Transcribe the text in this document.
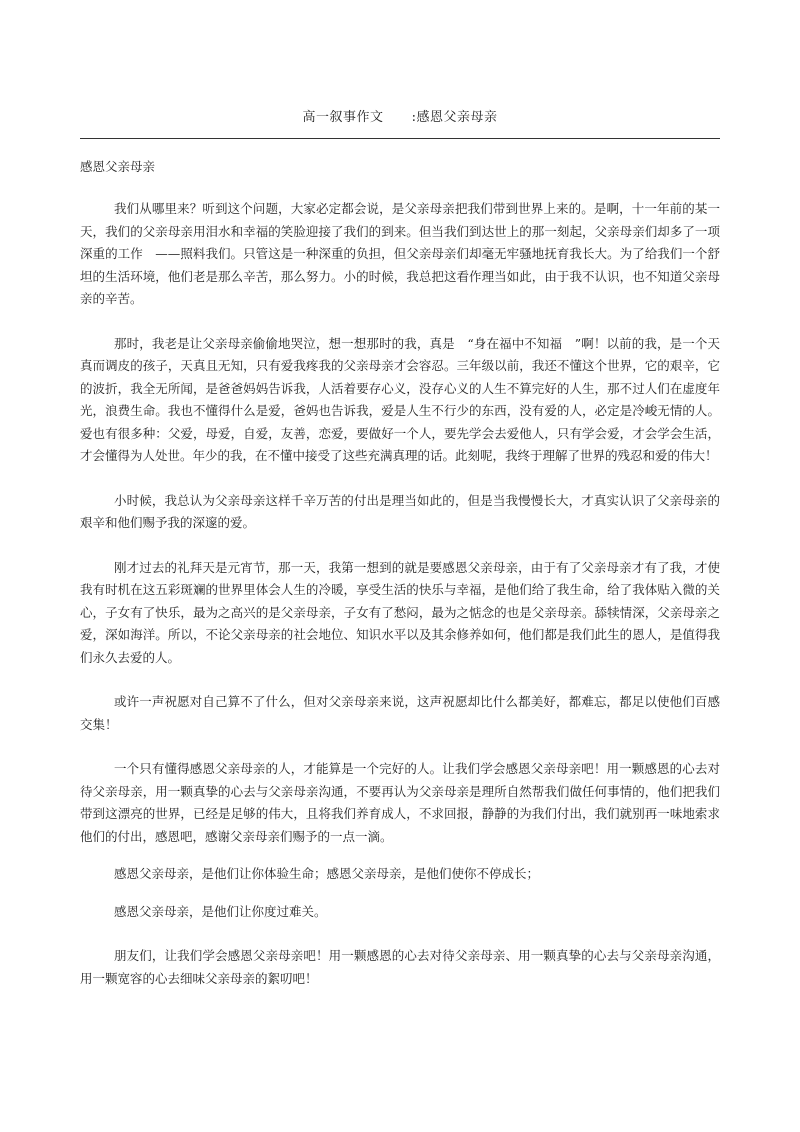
高一叙事作文 :感恩父亲母亲
感恩父亲母亲

我们从哪里来？听到这个问题，大家必定都会说，是父亲母亲把我们带到世界上来的。是啊，十一年前的某一天，我们的父亲母亲用泪水和幸福的笑脸迎接了我们的到来。但当我们到达世上的那一刻起，父亲母亲们却多了一项深重的工作　——照料我们。只管这是一种深重的负担，但父亲母亲们却毫无牢骚地抚育我长大。为了给我们一个舒坦的生活环境，他们老是那么辛苦，那么努力。小的时候，我总把这看作理当如此，由于我不认识，也不知道父亲母亲的辛苦。

那时，我老是让父亲母亲偷偷地哭泣，想一想那时的我，真是　“身在福中不知福　”啊！以前的我，是一个天真而调皮的孩子，天真且无知，只有爱我疼我的父亲母亲才会容忍。三年级以前，我还不懂这个世界，它的艰辛，它的波折，我全无所闻，是爸爸妈妈告诉我，人活着要存心义，没存心义的人生不算完好的人生，那不过人们在虚度年光，浪费生命。我也不懂得什么是爱，爸妈也告诉我，爱是人生不行少的东西，没有爱的人，必定是冷峻无情的人。爱也有很多种：父爱，母爱，自爱，友善，恋爱，要做好一个人，要先学会去爱他人，只有学会爱，才会学会生活，才会懂得为人处世。年少的我，在不懂中接受了这些充满真理的话。此刻呢，我终于理解了世界的残忍和爱的伟大！

小时候，我总认为父亲母亲这样千辛万苦的付出是理当如此的，但是当我慢慢长大，才真实认识了父亲母亲的艰辛和他们赐予我的深邃的爱。

刚才过去的礼拜天是元宵节，那一天，我第一想到的就是要感恩父亲母亲，由于有了父亲母亲才有了我，才使我有时机在这五彩斑斓的世界里体会人生的冷暖，享受生活的快乐与幸福，是他们给了我生命，给了我体贴入微的关心，子女有了快乐，最为之高兴的是父亲母亲，子女有了愁闷，最为之惦念的也是父亲母亲。舔犊情深，父亲母亲之爱，深如海洋。所以，不论父亲母亲的社会地位、知识水平以及其余修养如何，他们都是我们此生的恩人，是值得我们永久去爱的人。

或许一声祝愿对自己算不了什么，但对父亲母亲来说，这声祝愿却比什么都美好，都难忘，都足以使他们百感交集！

一个只有懂得感恩父亲母亲的人，才能算是一个完好的人。让我们学会感恩父亲母亲吧！用一颗感恩的心去对待父亲母亲，用一颗真挚的心去与父亲母亲沟通，不要再认为父亲母亲是理所自然帮我们做任何事情的，他们把我们带到这漂亮的世界，已经是足够的伟大，且将我们养育成人，不求回报，静静的为我们付出，我们就别再一味地索求他们的付出，感恩吧，感谢父亲母亲们赐予的一点一滴。

感恩父亲母亲，是他们让你体验生命；感恩父亲母亲，是他们使你不停成长；

感恩父亲母亲，是他们让你度过难关。

朋友们，让我们学会感恩父亲母亲吧！用一颗感恩的心去对待父亲母亲、用一颗真挚的心去与父亲母亲沟通，用一颗宽容的心去细味父亲母亲的絮叨吧！
